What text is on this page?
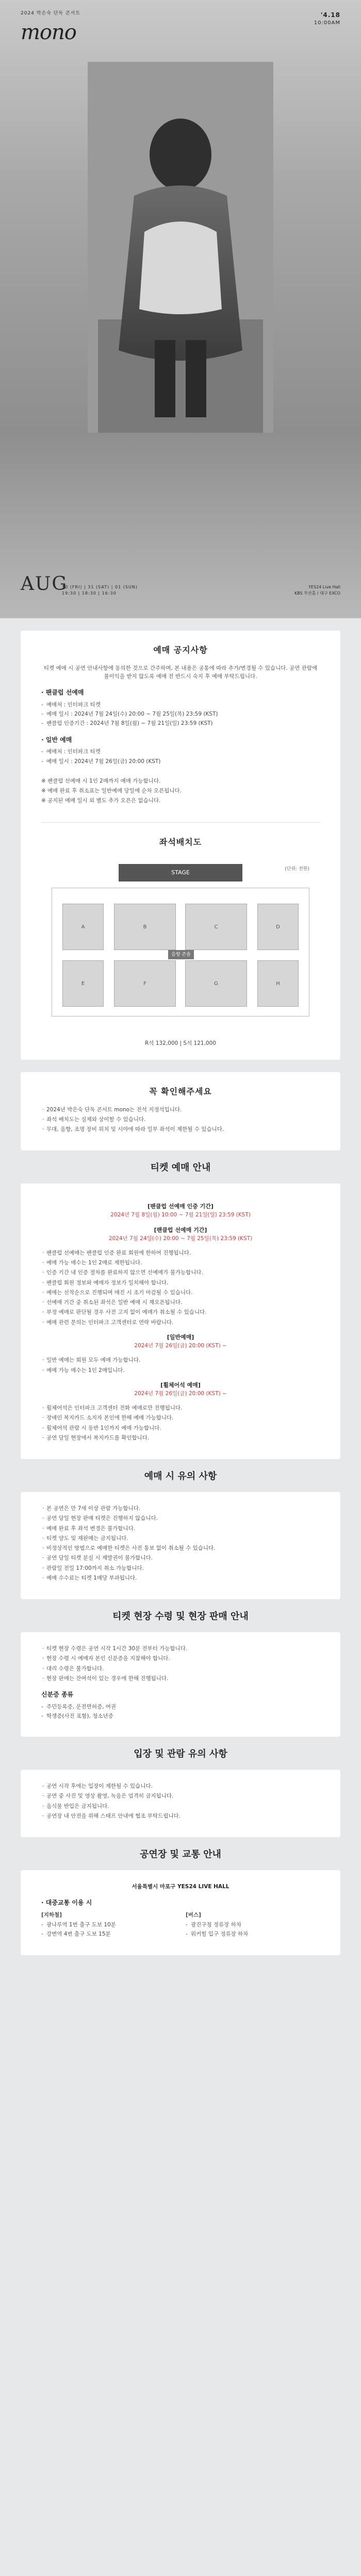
2024 박은숙 단독 콘서트
mono
'4.18
10:00AM
AUG
30 (FRI) | 31 (SAT) | 01 (SUN)
19:30 | 18:30 | 16:30
YES24 Live Hall
KBS 부산홀 / 대구 EXCO
예매 공지사항
티켓 예매 시 공연 안내사항에 동의한 것으로 간주하며, 본 내용은 공통에 따라 추가/변경될 수 있습니다. 공연 관람에 불이익을 받지 않도록 예매 전 반드시 숙지 후 예매 부탁드립니다.
· 팬클럽 선예매
- 예매처 : 인터파크 티켓
- 예매 일시 : 2024년 7월 24일(수) 20:00 ~ 7월 25일(목) 23:59 (KST)
- 팬클럽 인증기간 : 2024년 7월 8일(월) ~ 7월 21일(일) 23:59 (KST)
· 일반 예매
- 예매처 : 인터파크 티켓
- 예매 일시 : 2024년 7월 26일(금) 20:00 (KST)
※ 팬클럽 선예매 시 1인 2매까지 예매 가능합니다.
※ 예매 완료 후 취소표는 일반예매 당일에 순차 오픈됩니다.
※ 공지된 예매 일시 외 별도 추가 오픈은 없습니다.
좌석배치도
(단위: 천원)
STAGE
A	B	C	D
E	F	G	H
음향 콘솔
R석 132,000 | S석 121,000
꼭 확인해주세요
· 2024년 박은숙 단독 콘서트 mono는 전석 지정석입니다.
· 좌석 배치도는 실제와 상이할 수 있습니다.
· 무대, 음향, 조명 장비 위치 및 시야에 따라 일부 좌석이 제한될 수 있습니다.
티켓 예매 안내
[팬클럽 선예매 인증 기간]
2024년 7월 8일(월) 10:00 ~ 7월 21일(일) 23:59 (KST)
[팬클럽 선예매 기간]
2024년 7월 24일(수) 20:00 ~ 7월 25일(목) 23:59 (KST)
· 팬클럽 선예매는 팬클럽 인증 완료 회원에 한하여 진행됩니다.
· 예매 가능 매수는 1인 2매로 제한됩니다.
· 인증 기간 내 인증 절차를 완료하지 않으면 선예매가 불가능합니다.
· 팬클럽 회원 정보와 예매자 정보가 일치해야 합니다.
· 예매는 선착순으로 진행되며 매진 시 조기 마감될 수 있습니다.
· 선예매 기간 중 취소된 좌석은 일반 예매 시 재오픈됩니다.
· 부정 예매로 판단될 경우 사전 고지 없이 예매가 취소될 수 있습니다.
· 예매 관련 문의는 인터파크 고객센터로 연락 바랍니다.
[일반예매]
2024년 7월 26일(금) 20:00 (KST) ~
· 일반 예매는 회원 모두 예매 가능합니다.
· 예매 가능 매수는 1인 2매입니다.
[휠체어석 예매]
2024년 7월 26일(금) 20:00 (KST) ~
· 휠체어석은 인터파크 고객센터 전화 예매로만 진행됩니다.
· 장애인 복지카드 소지자 본인에 한해 예매 가능합니다.
· 휠체어석 관람 시 동반 1인까지 예매 가능합니다.
· 공연 당일 현장에서 복지카드를 확인합니다.
예매 시 유의 사항
· 본 공연은 만 7세 이상 관람 가능합니다.
· 공연 당일 현장 판매 티켓은 진행하지 않습니다.
· 예매 완료 후 좌석 변경은 불가합니다.
· 티켓 양도 및 재판매는 금지됩니다.
· 비정상적인 방법으로 예매한 티켓은 사전 통보 없이 취소될 수 있습니다.
· 공연 당일 티켓 분실 시 재발권이 불가합니다.
· 관람일 전일 17:00까지 취소 가능합니다.
· 예매 수수료는 티켓 1매당 부과됩니다.
티켓 현장 수령 및 현장 판매 안내
· 티켓 현장 수령은 공연 시작 1시간 30분 전부터 가능합니다.
· 현장 수령 시 예매자 본인 신분증을 지참해야 합니다.
· 대리 수령은 불가합니다.
· 현장 판매는 잔여석이 있는 경우에 한해 진행됩니다.
신분증 종류
- 주민등록증, 운전면허증, 여권
- 학생증(사진 포함), 청소년증
입장 및 관람 유의 사항
· 공연 시작 후에는 입장이 제한될 수 있습니다.
· 공연 중 사진 및 영상 촬영, 녹음은 엄격히 금지됩니다.
· 음식물 반입은 금지됩니다.
· 공연장 내 안전을 위해 스태프 안내에 협조 부탁드립니다.
공연장 및 교통 안내
서울특별시 마포구 YES24 LIVE HALL
· 대중교통 이용 시
[지하철]
- 광나루역 1번 출구 도보 10분
- 강변역 4번 출구 도보 15분
[버스]
- 광진구청 정류장 하차
- 워커힐 입구 정류장 하차
